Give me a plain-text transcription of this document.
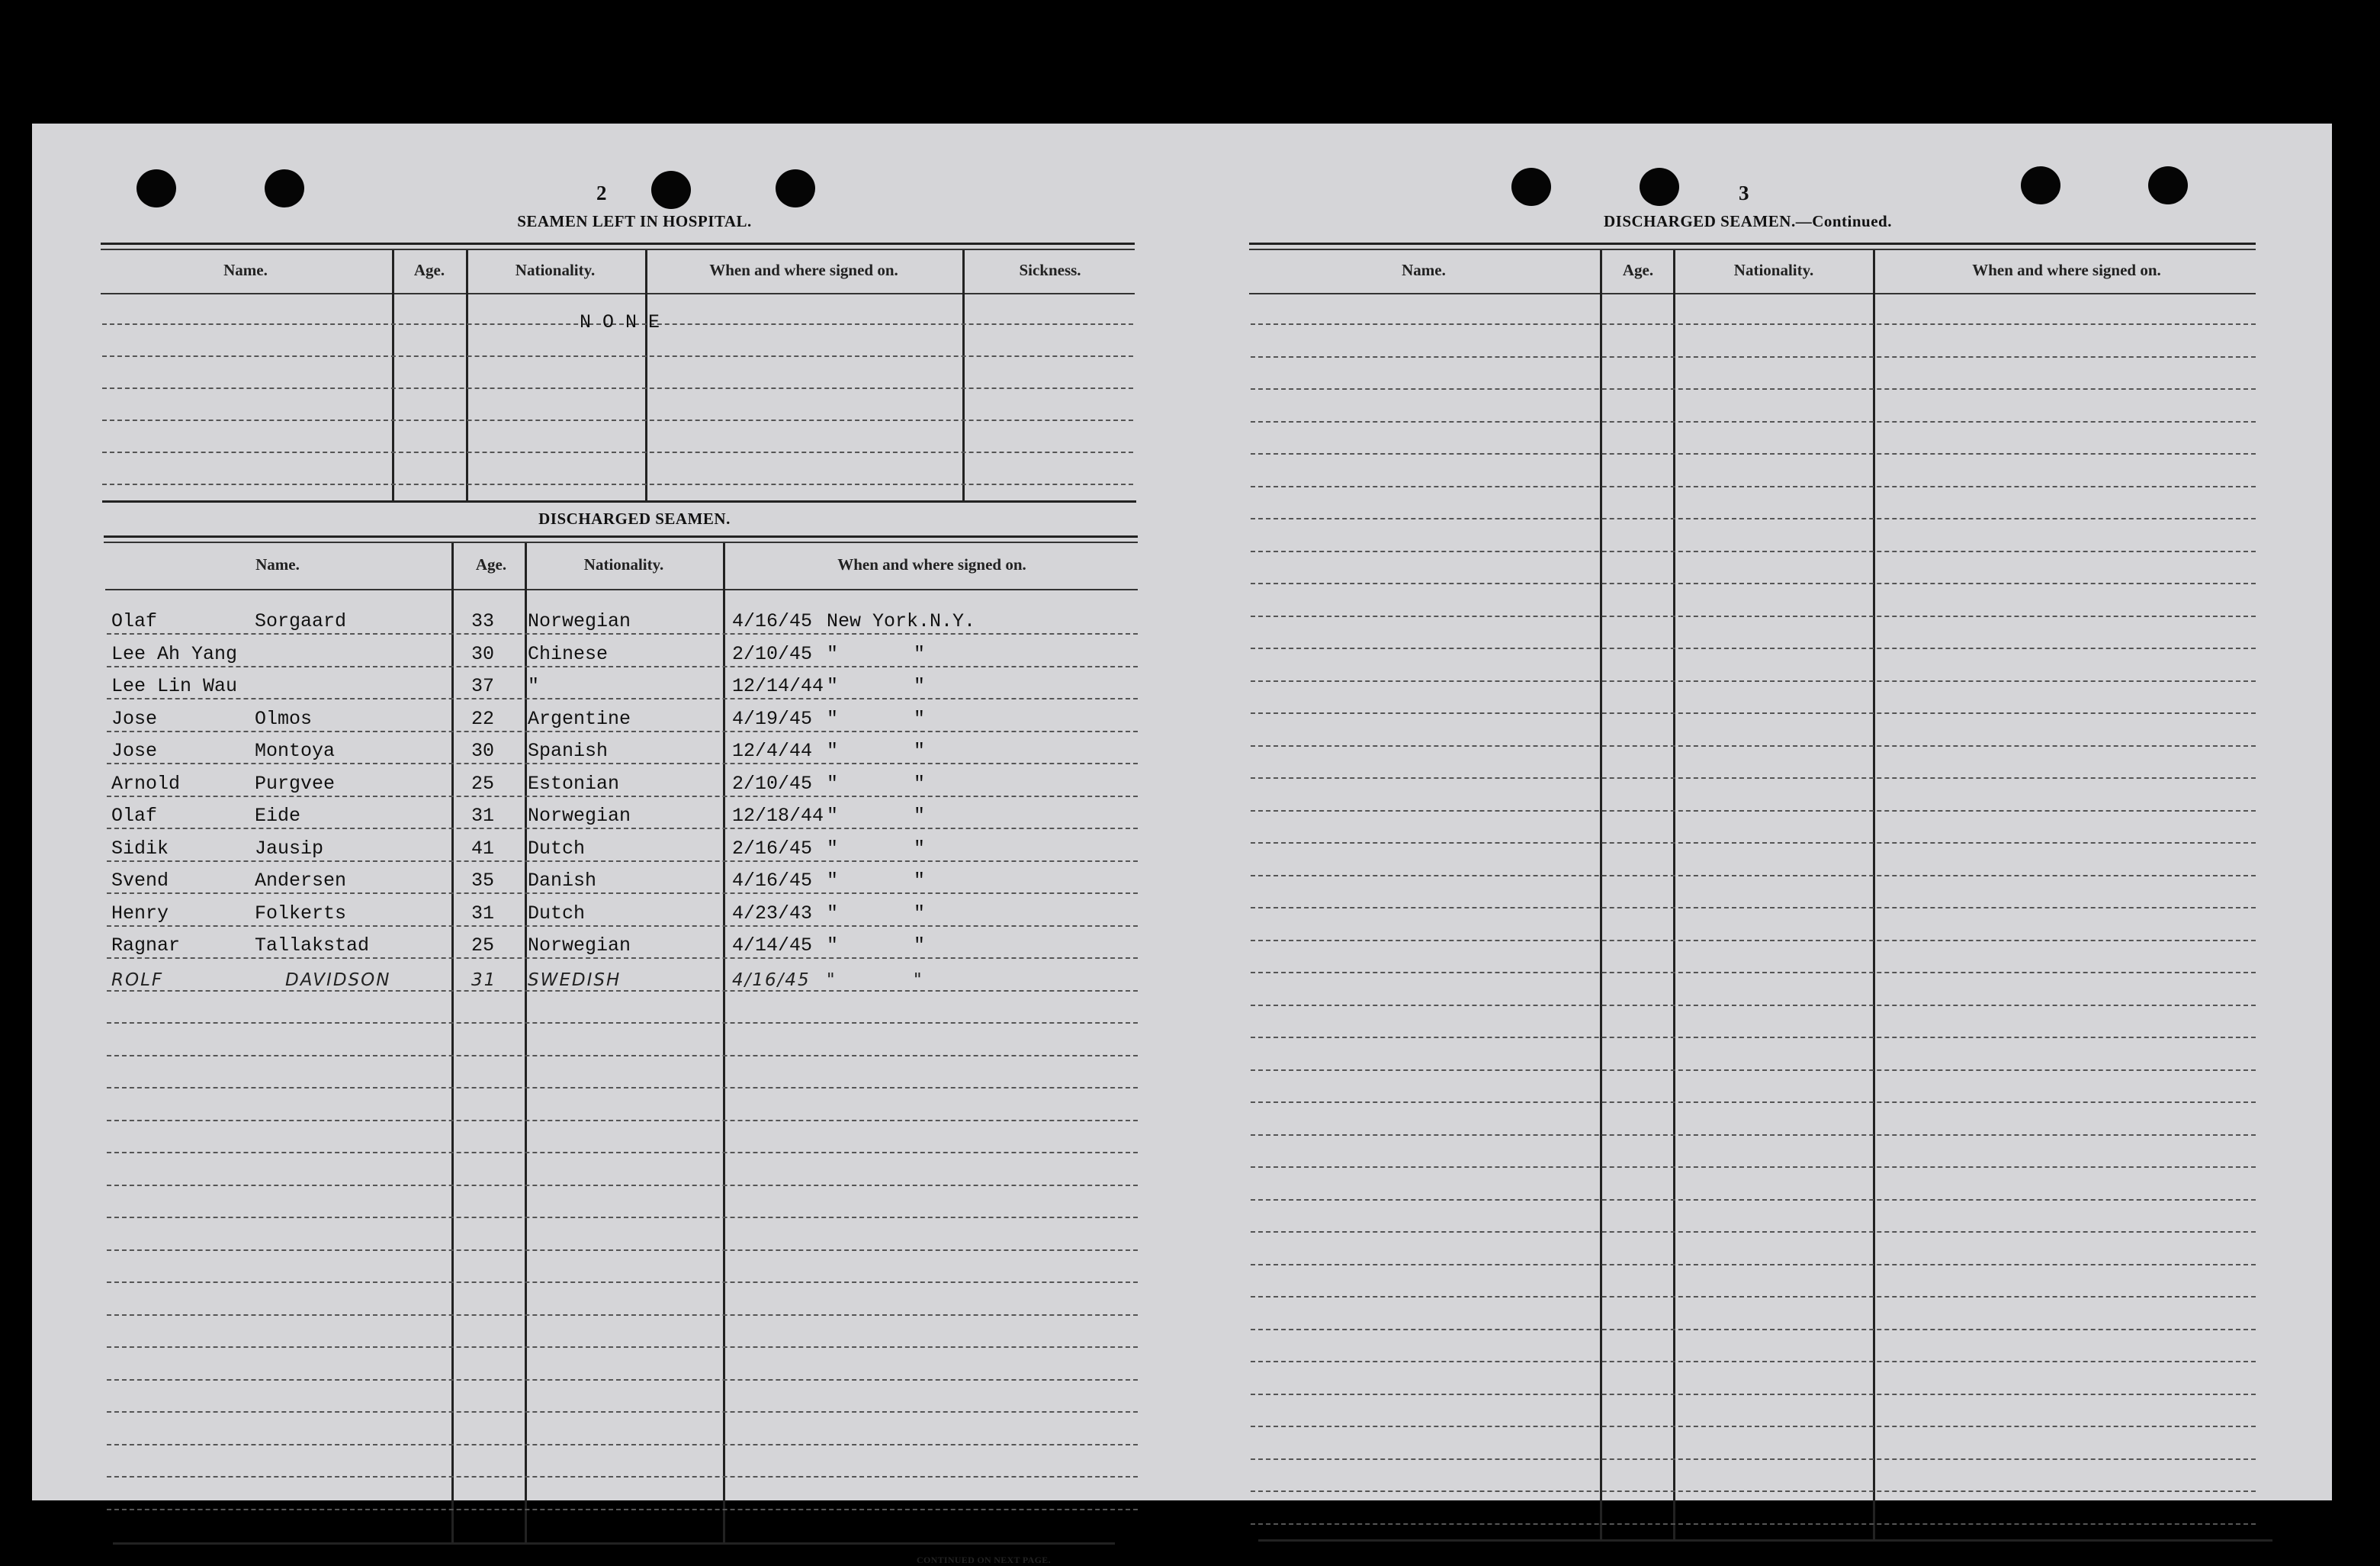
2
SEAMEN LEFT IN HOSPITAL.
Name.	Age.	Nationality.	When and where signed on.	Sickness.
N O N E
DISCHARGED SEAMEN.
Name.	Age.	Nationality.	When and where signed on.
Olaf	Sorgaard	33 Norwegian	4/16/45 New York.N.Y.
Lee Ah Yang	30 Chinese	2/10/45 "	"
Lee Lin Wau	37 "	12/14/44 "	"
Jose	Olmos	22 Argentine	4/19/45 "	"
Jose	Montoya	30 Spanish	12/4/44 "	"
Arnold	Purgvee	25 Estonian	2/10/45 "	"
Olaf	Eide	31 Norwegian	12/18/44 "	"
Sidik	Jausip	41 Dutch	2/16/45 "	"
Svend	Andersen	35 Danish	4/16/45 "	"
Henry	Folkerts	31 Dutch	4/23/43 "	"
Ragnar	Tallakstad	25 Norwegian	4/14/45 "	"
ROLF	DAVIDSON	31 SWEDISH	4/16/45 "	"
CONTINUED ON NEXT PAGE.
3
DISCHARGED SEAMEN.—Continued.
Name.	Age.	Nationality.	When and where signed on.
